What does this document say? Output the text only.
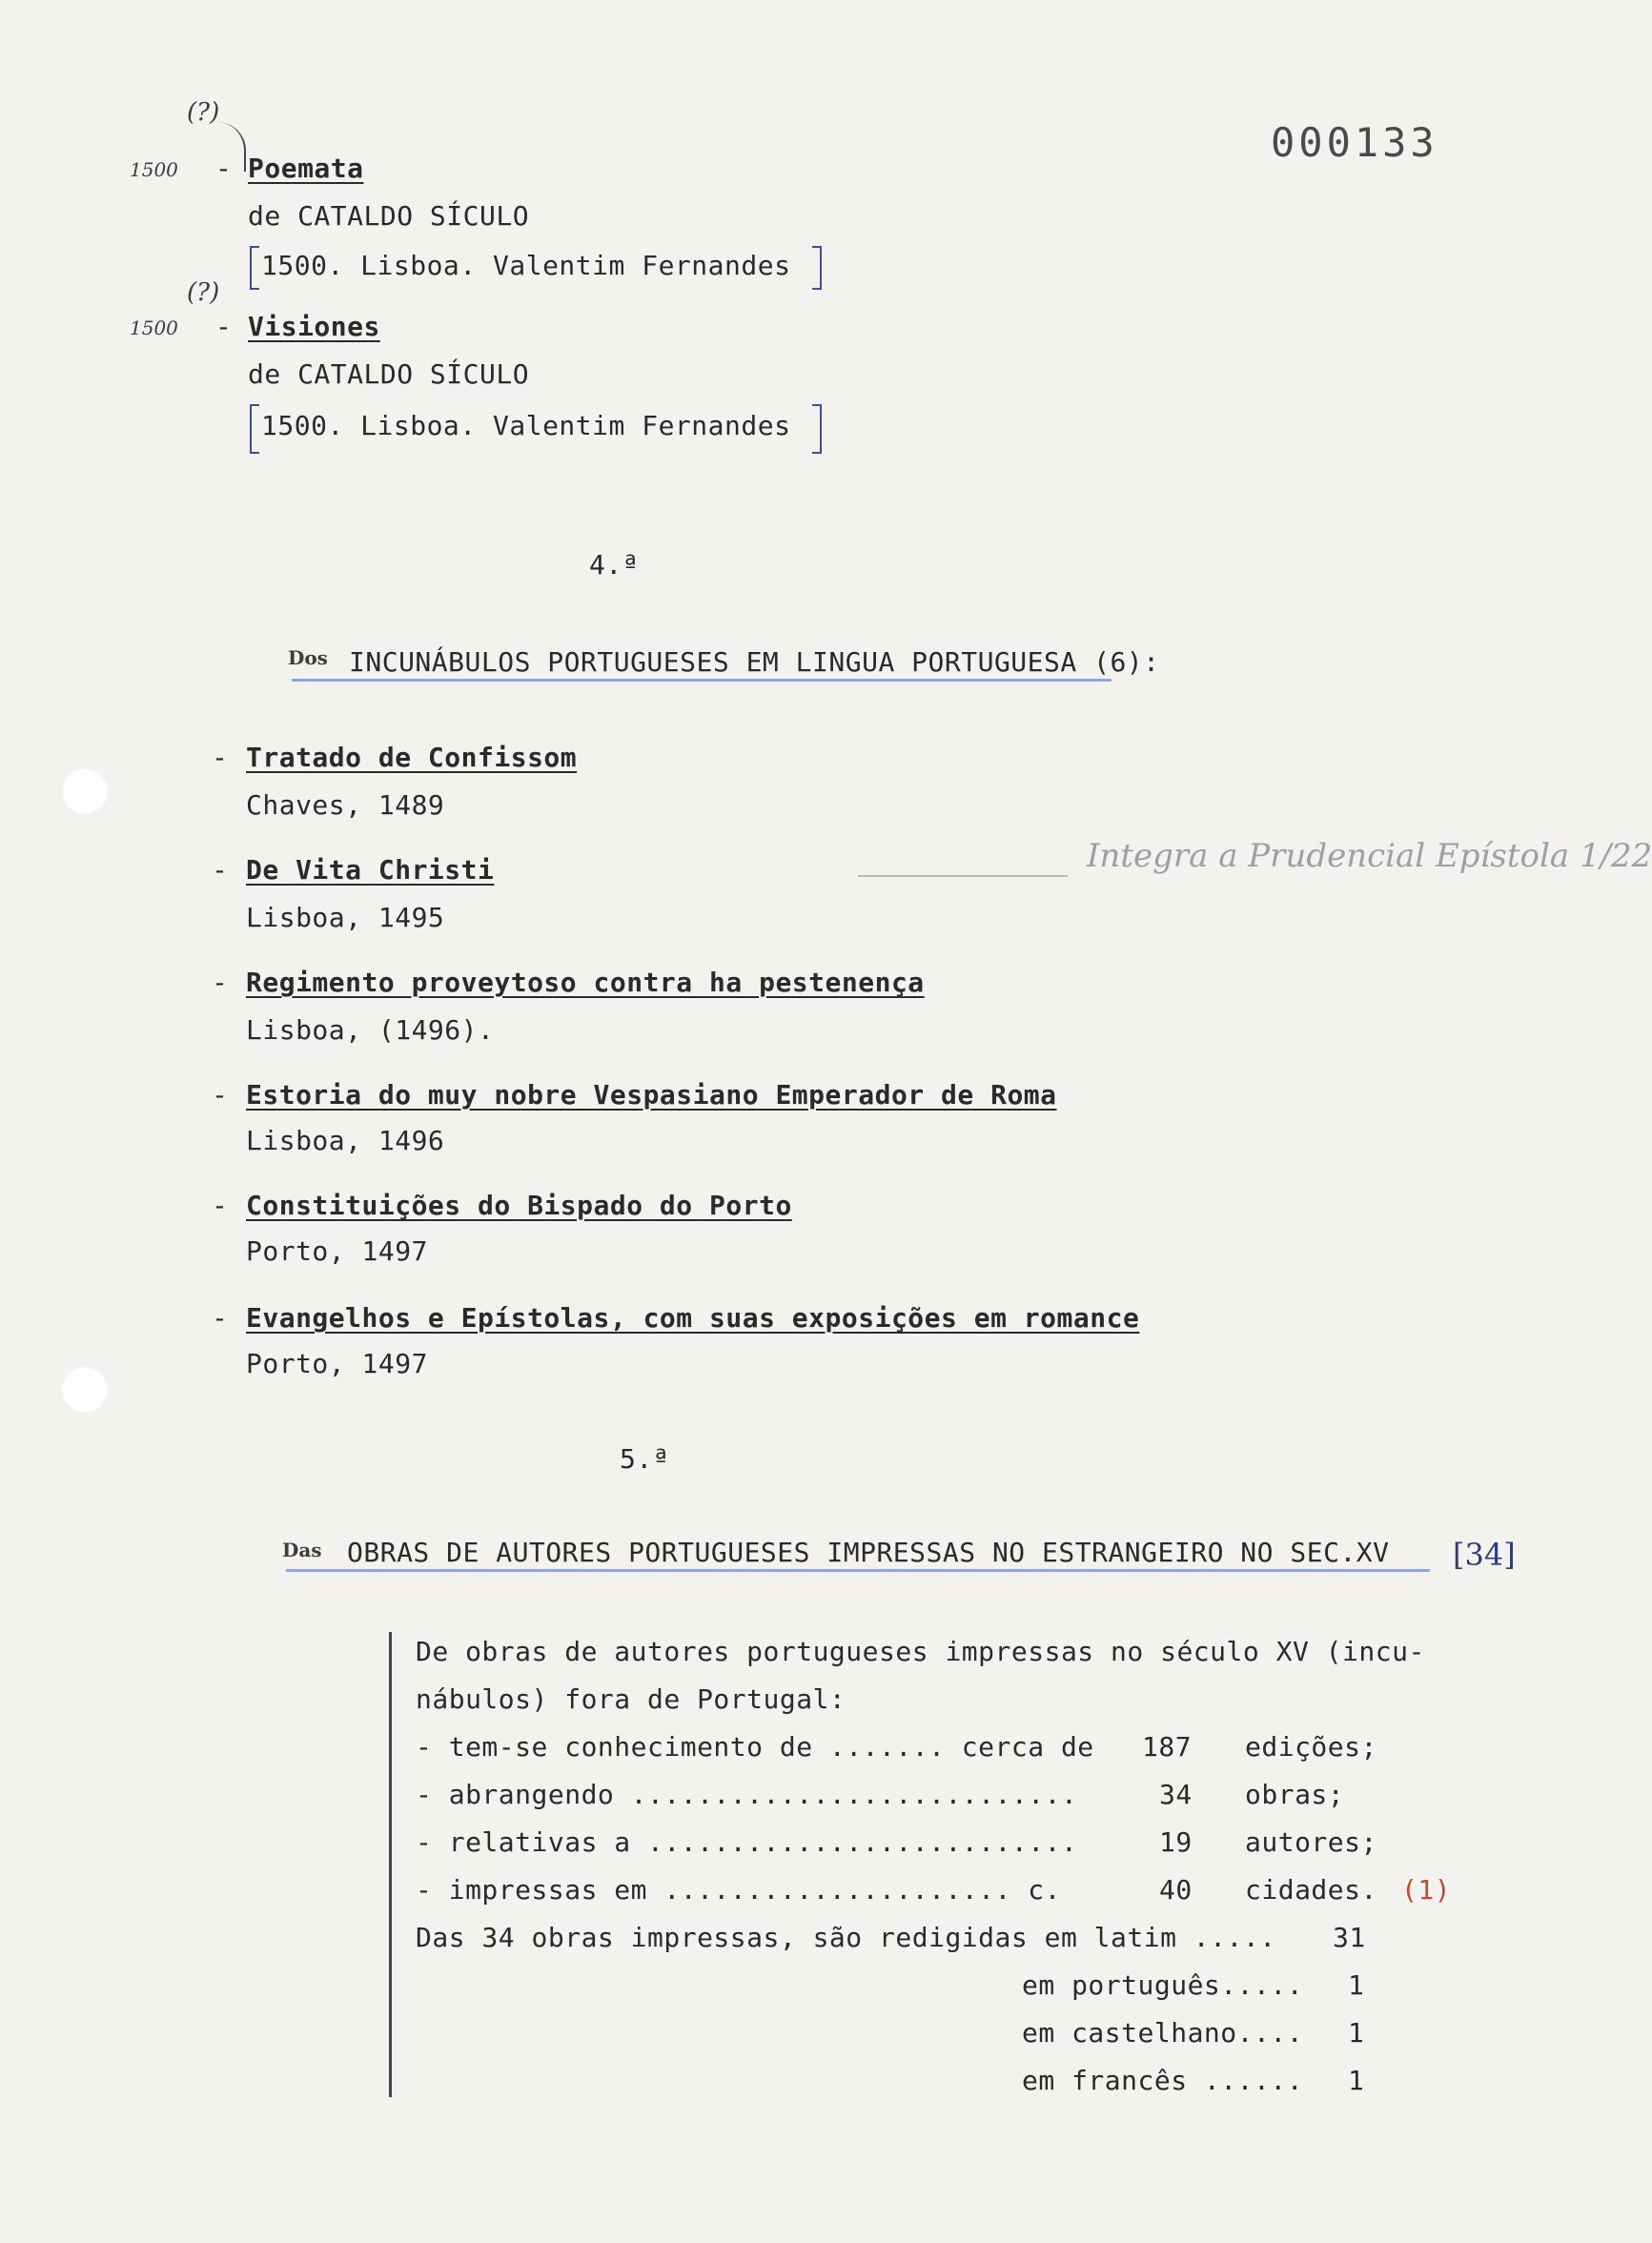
000133
(?)
1500 - Poemata
de CATALDO SÍCULO
1500. Lisboa. Valentim Fernandes
(?)
1500 - Visiones
de CATALDO SÍCULO
1500. Lisboa. Valentim Fernandes
4.ª
Dos INCUNÁBULOS PORTUGUESES EM LINGUA PORTUGUESA (6):
- Tratado de Confissom
Chaves, 1489
- De Vita Christi
Lisboa, 1495
Integra a Prudencial Epístola 1/22
- Regimento proveytoso contra ha pestenença
Lisboa, (1496).
- Estoria do muy nobre Vespasiano Emperador de Roma
Lisboa, 1496
- Constituições do Bispado do Porto
Porto, 1497
- Evangelhos e Epístolas, com suas exposições em romance
Porto, 1497
5.ª
Das OBRAS DE AUTORES PORTUGUESES IMPRESSAS NO ESTRANGEIRO NO SEC.XV [34]
De obras de autores portugueses impressas no século XV (incu-
nábulos) fora de Portugal:
- tem-se conhecimento de ....... cerca de 187 edições;
- abrangendo ...........................	34 obras;
- relativas a ..........................	19 autores;
- impressas em ..................... c.	40 cidades. (1)
Das 34 obras impressas, são redigidas em latim ..... 31
em português..... 1
em castelhano.... 1
em francês ...... 1
